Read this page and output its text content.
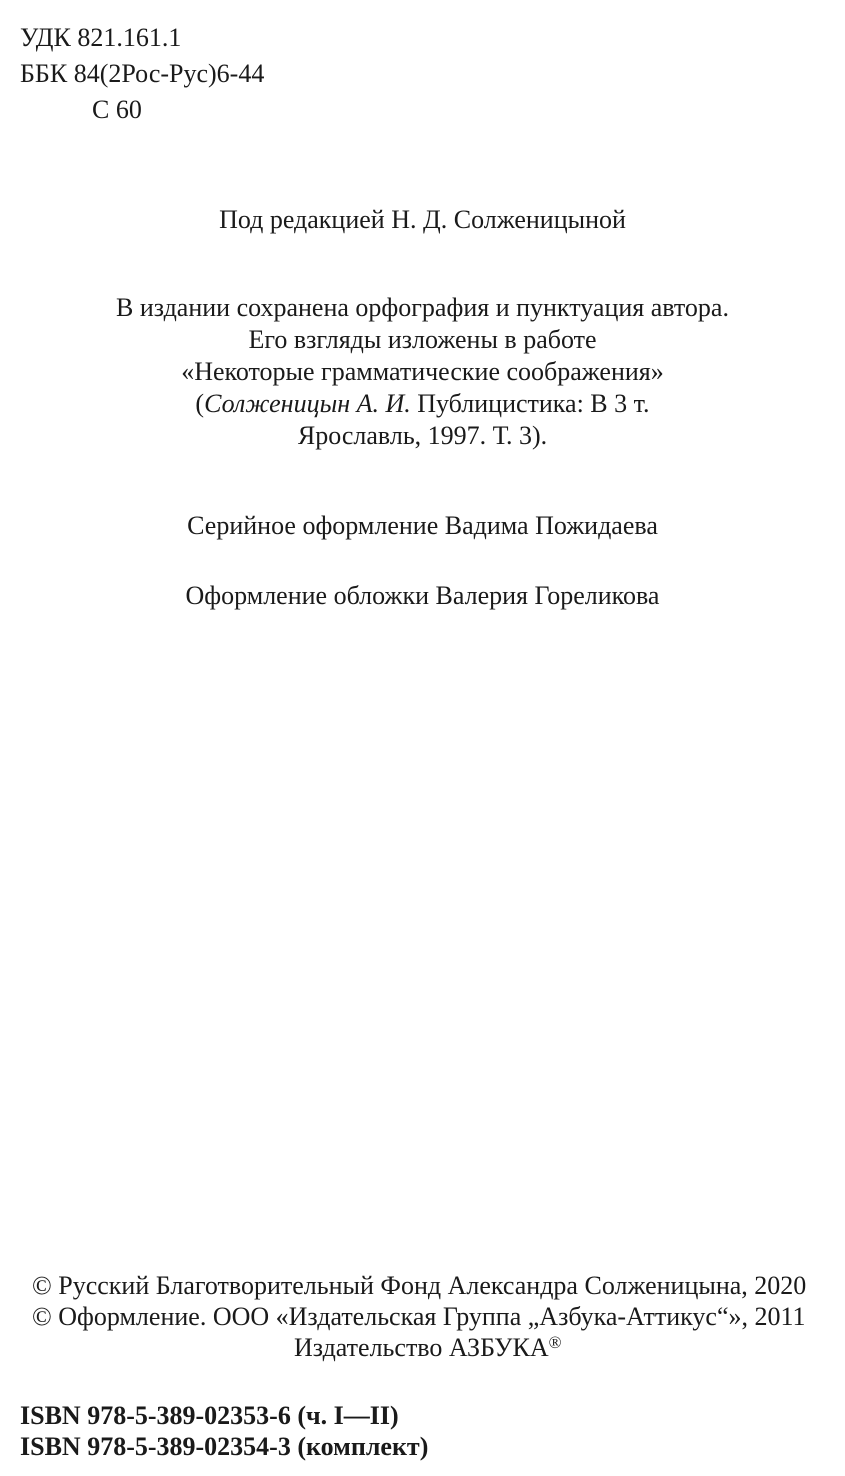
УДК 821.161.1
ББК 84(2Рос-Рус)6-44
С 60
Под редакцией Н. Д. Солженицыной
В издании сохранена орфография и пунктуация автора.
Его взгляды изложены в работе
«Некоторые грамматические соображения»
(Солженицын А. И. Публицистика: В 3 т.
Ярославль, 1997. Т. 3).
Серийное оформление Вадима Пожидаева
Оформление обложки Валерия Гореликова
© Русский Благотворительный Фонд Александра Солженицына, 2020
© Оформление. ООО «Издательская Группа „Азбука-Аттикус“», 2011
Издательство АЗБУКА®
ISBN 978-5-389-02353-6 (ч. I—II)
ISBN 978-5-389-02354-3 (комплект)
